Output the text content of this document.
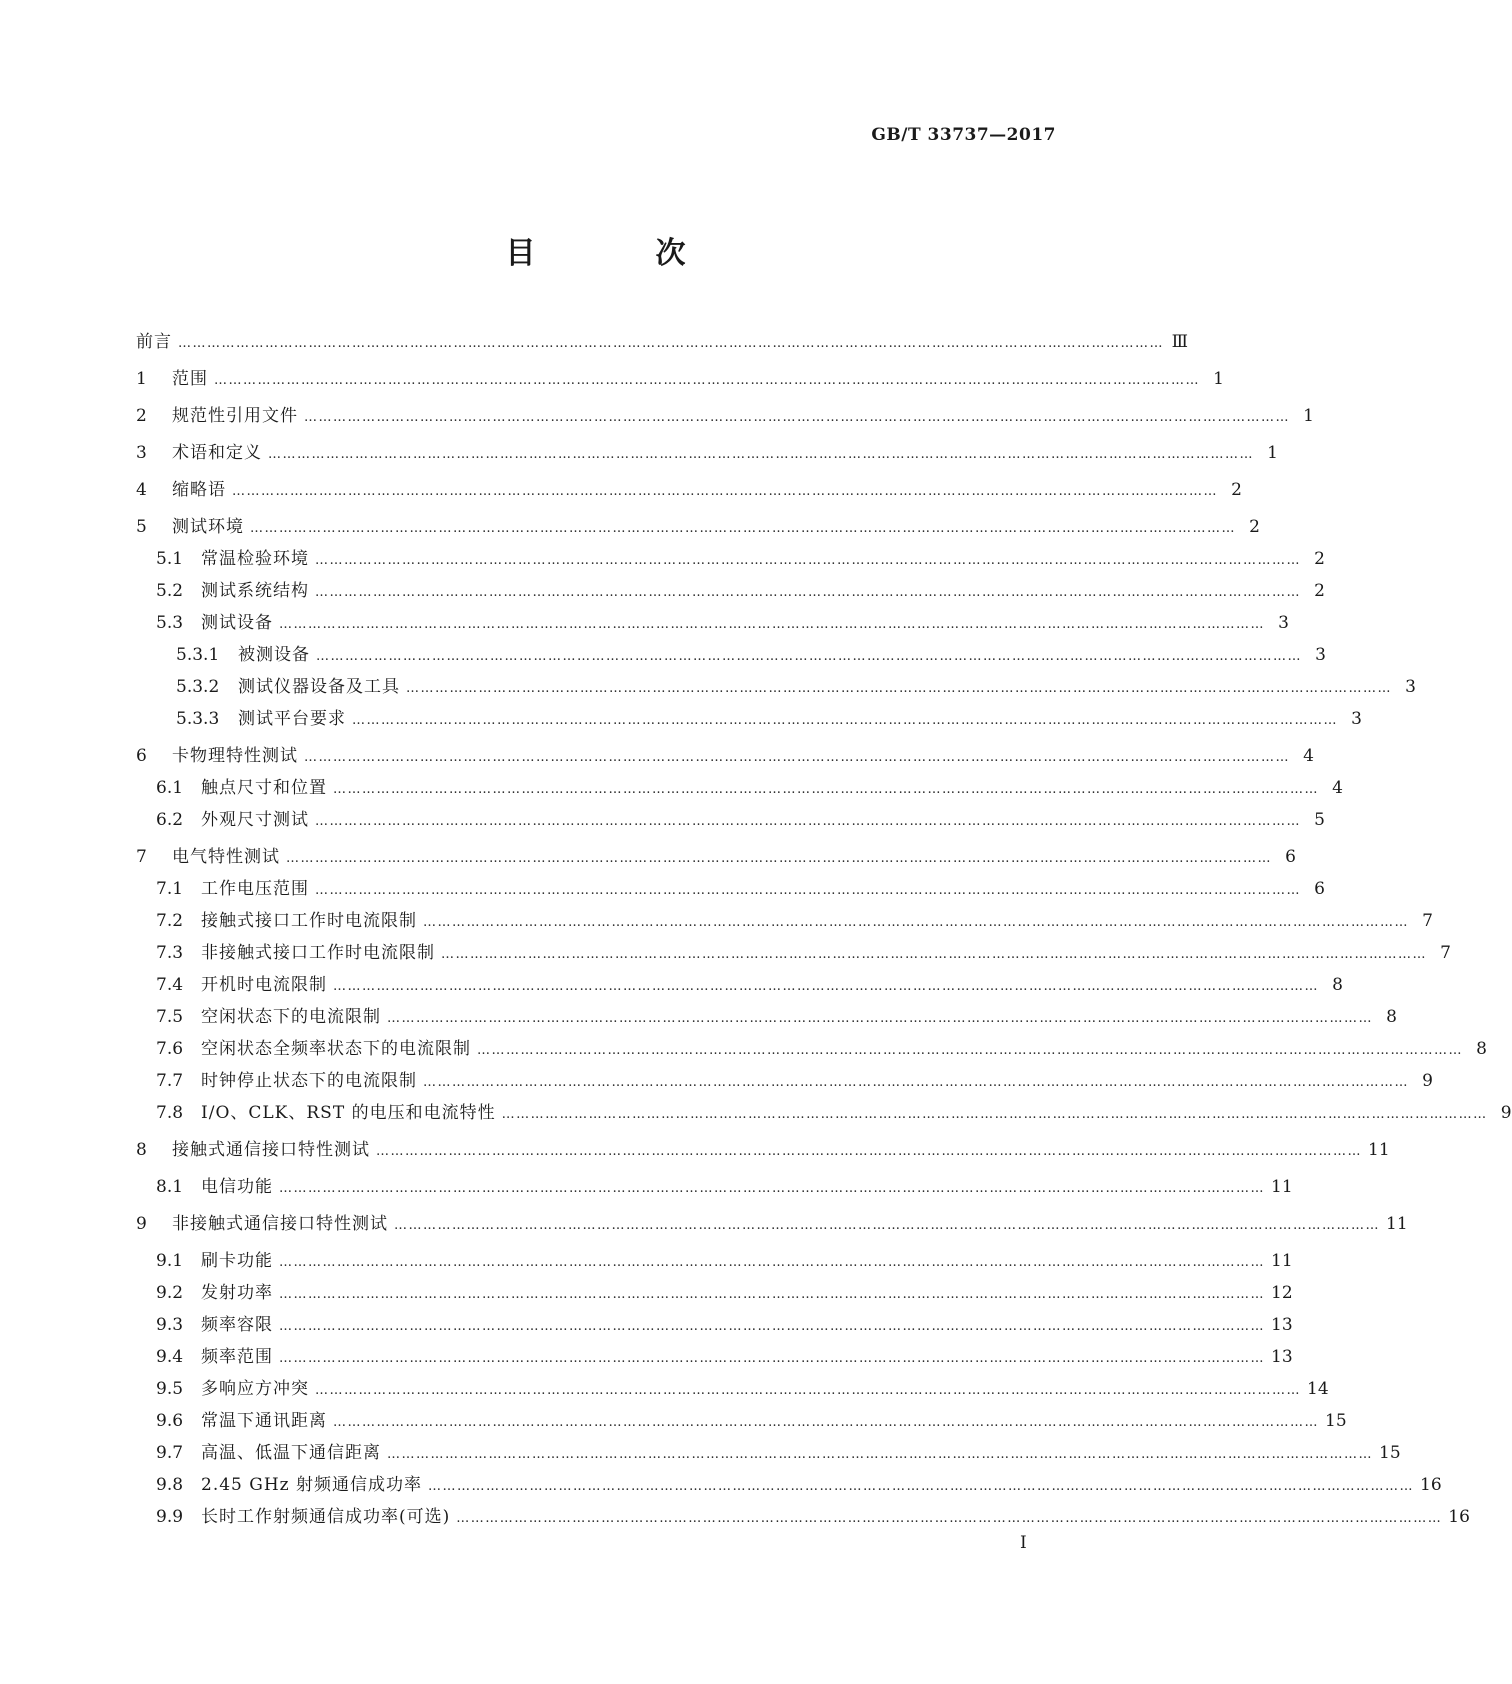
GB/T 33737—2017
目　次
前言 …………………………………………………………………………………………………………………………………………………………………………………… Ⅲ
1	范围 …………………………………………………………………………………………………………………………………………………………………………………… 1
2	规范性引用文件 …………………………………………………………………………………………………………………………………………………………………………………… 1
3	术语和定义 …………………………………………………………………………………………………………………………………………………………………………………… 1
4	缩略语 …………………………………………………………………………………………………………………………………………………………………………………… 2
5	测试环境 …………………………………………………………………………………………………………………………………………………………………………………… 2
5.1	常温检验环境 …………………………………………………………………………………………………………………………………………………………………………………… 2
5.2	测试系统结构 …………………………………………………………………………………………………………………………………………………………………………………… 2
5.3	测试设备 …………………………………………………………………………………………………………………………………………………………………………………… 3
5.3.1	被测设备 …………………………………………………………………………………………………………………………………………………………………………………… 3
5.3.2	测试仪器设备及工具 …………………………………………………………………………………………………………………………………………………………………………………… 3
5.3.3	测试平台要求 …………………………………………………………………………………………………………………………………………………………………………………… 3
6	卡物理特性测试 …………………………………………………………………………………………………………………………………………………………………………………… 4
6.1	触点尺寸和位置 …………………………………………………………………………………………………………………………………………………………………………………… 4
6.2	外观尺寸测试 …………………………………………………………………………………………………………………………………………………………………………………… 5
7	电气特性测试 …………………………………………………………………………………………………………………………………………………………………………………… 6
7.1	工作电压范围 …………………………………………………………………………………………………………………………………………………………………………………… 6
7.2	接触式接口工作时电流限制 …………………………………………………………………………………………………………………………………………………………………………………… 7
7.3	非接触式接口工作时电流限制 …………………………………………………………………………………………………………………………………………………………………………………… 7
7.4	开机时电流限制 …………………………………………………………………………………………………………………………………………………………………………………… 8
7.5	空闲状态下的电流限制 …………………………………………………………………………………………………………………………………………………………………………………… 8
7.6	空闲状态全频率状态下的电流限制 …………………………………………………………………………………………………………………………………………………………………………………… 8
7.7	时钟停止状态下的电流限制 …………………………………………………………………………………………………………………………………………………………………………………… 9
7.8	I/O、CLK、RST 的电压和电流特性 …………………………………………………………………………………………………………………………………………………………………………………… 9
8	接触式通信接口特性测试 …………………………………………………………………………………………………………………………………………………………………………………… 11
8.1	电信功能 …………………………………………………………………………………………………………………………………………………………………………………… 11
9	非接触式通信接口特性测试 …………………………………………………………………………………………………………………………………………………………………………………… 11
9.1	刷卡功能 …………………………………………………………………………………………………………………………………………………………………………………… 11
9.2	发射功率 …………………………………………………………………………………………………………………………………………………………………………………… 12
9.3	频率容限 …………………………………………………………………………………………………………………………………………………………………………………… 13
9.4	频率范围 …………………………………………………………………………………………………………………………………………………………………………………… 13
9.5	多响应方冲突 …………………………………………………………………………………………………………………………………………………………………………………… 14
9.6	常温下通讯距离 …………………………………………………………………………………………………………………………………………………………………………………… 15
9.7	高温、低温下通信距离 …………………………………………………………………………………………………………………………………………………………………………………… 15
9.8	2.45 GHz 射频通信成功率 …………………………………………………………………………………………………………………………………………………………………………………… 16
9.9	长时工作射频通信成功率(可选) …………………………………………………………………………………………………………………………………………………………………………………… 16
I
